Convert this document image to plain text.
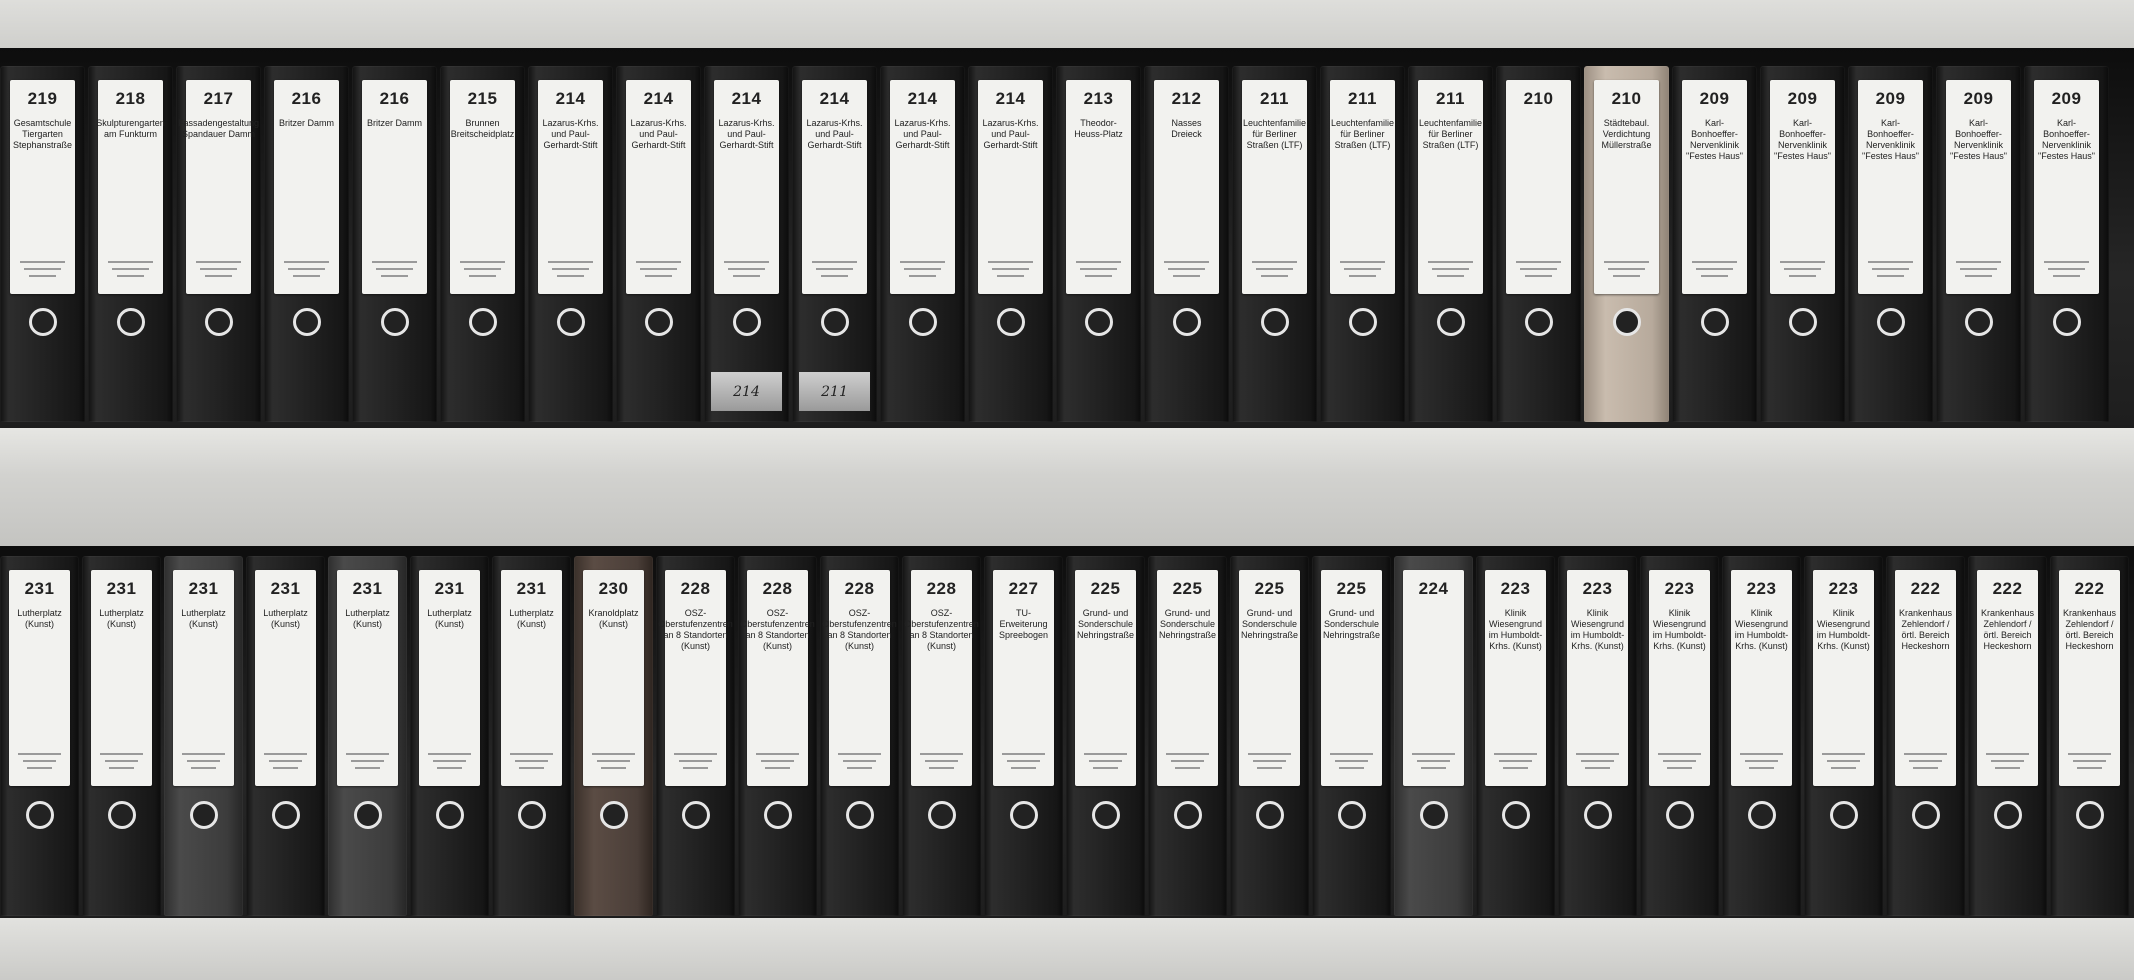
219
Gesamtschule Tiergarten Stephanstraße
218
Skulpturengarten am Funkturm
217
Fassadengestaltung Spandauer Damm
216
Britzer Damm
216
Britzer Damm
215
Brunnen Breitscheidplatz
214
Lazarus-Krhs. und Paul-Gerhardt-Stift
214
Lazarus-Krhs. und Paul-Gerhardt-Stift
214
Lazarus-Krhs. und Paul-Gerhardt-Stift
214
214
Lazarus-Krhs. und Paul-Gerhardt-Stift
211
214
Lazarus-Krhs. und Paul-Gerhardt-Stift
214
Lazarus-Krhs. und Paul-Gerhardt-Stift
213
Theodor-Heuss-Platz
212
Nasses Dreieck
211
Leuchtenfamilie für Berliner Straßen (LTF)
211
Leuchtenfamilie für Berliner Straßen (LTF)
211
Leuchtenfamilie für Berliner Straßen (LTF)
210	210
Städtebaul. Verdichtung Müllerstraße
209
Karl-Bonhoeffer-Nervenklinik "Festes Haus"
209
Karl-Bonhoeffer-Nervenklinik "Festes Haus"
209
Karl-Bonhoeffer-Nervenklinik "Festes Haus"
209
Karl-Bonhoeffer-Nervenklinik "Festes Haus"
209
Karl-Bonhoeffer-Nervenklinik "Festes Haus"
231
Lutherplatz (Kunst)
231
Lutherplatz (Kunst)
231
Lutherplatz (Kunst)
231
Lutherplatz (Kunst)
231
Lutherplatz (Kunst)
231
Lutherplatz (Kunst)
231
Lutherplatz (Kunst)
230
Kranoldplatz (Kunst)
228
OSZ-Oberstufenzentren an 8 Standorten (Kunst)
228
OSZ-Oberstufenzentren an 8 Standorten (Kunst)
228
OSZ-Oberstufenzentren an 8 Standorten (Kunst)
228
OSZ-Oberstufenzentren an 8 Standorten (Kunst)
227
TU-Erweiterung Spreebogen
225
Grund- und Sonderschule Nehringstraße
225
Grund- und Sonderschule Nehringstraße
225
Grund- und Sonderschule Nehringstraße
225
Grund- und Sonderschule Nehringstraße
224	223
Klinik Wiesengrund im Humboldt-Krhs. (Kunst)
223
Klinik Wiesengrund im Humboldt-Krhs. (Kunst)
223
Klinik Wiesengrund im Humboldt-Krhs. (Kunst)
223
Klinik Wiesengrund im Humboldt-Krhs. (Kunst)
223
Klinik Wiesengrund im Humboldt-Krhs. (Kunst)
222
Krankenhaus Zehlendorf / örtl. Bereich Heckeshorn
222
Krankenhaus Zehlendorf / örtl. Bereich Heckeshorn
222
Krankenhaus Zehlendorf / örtl. Bereich Heckeshorn
